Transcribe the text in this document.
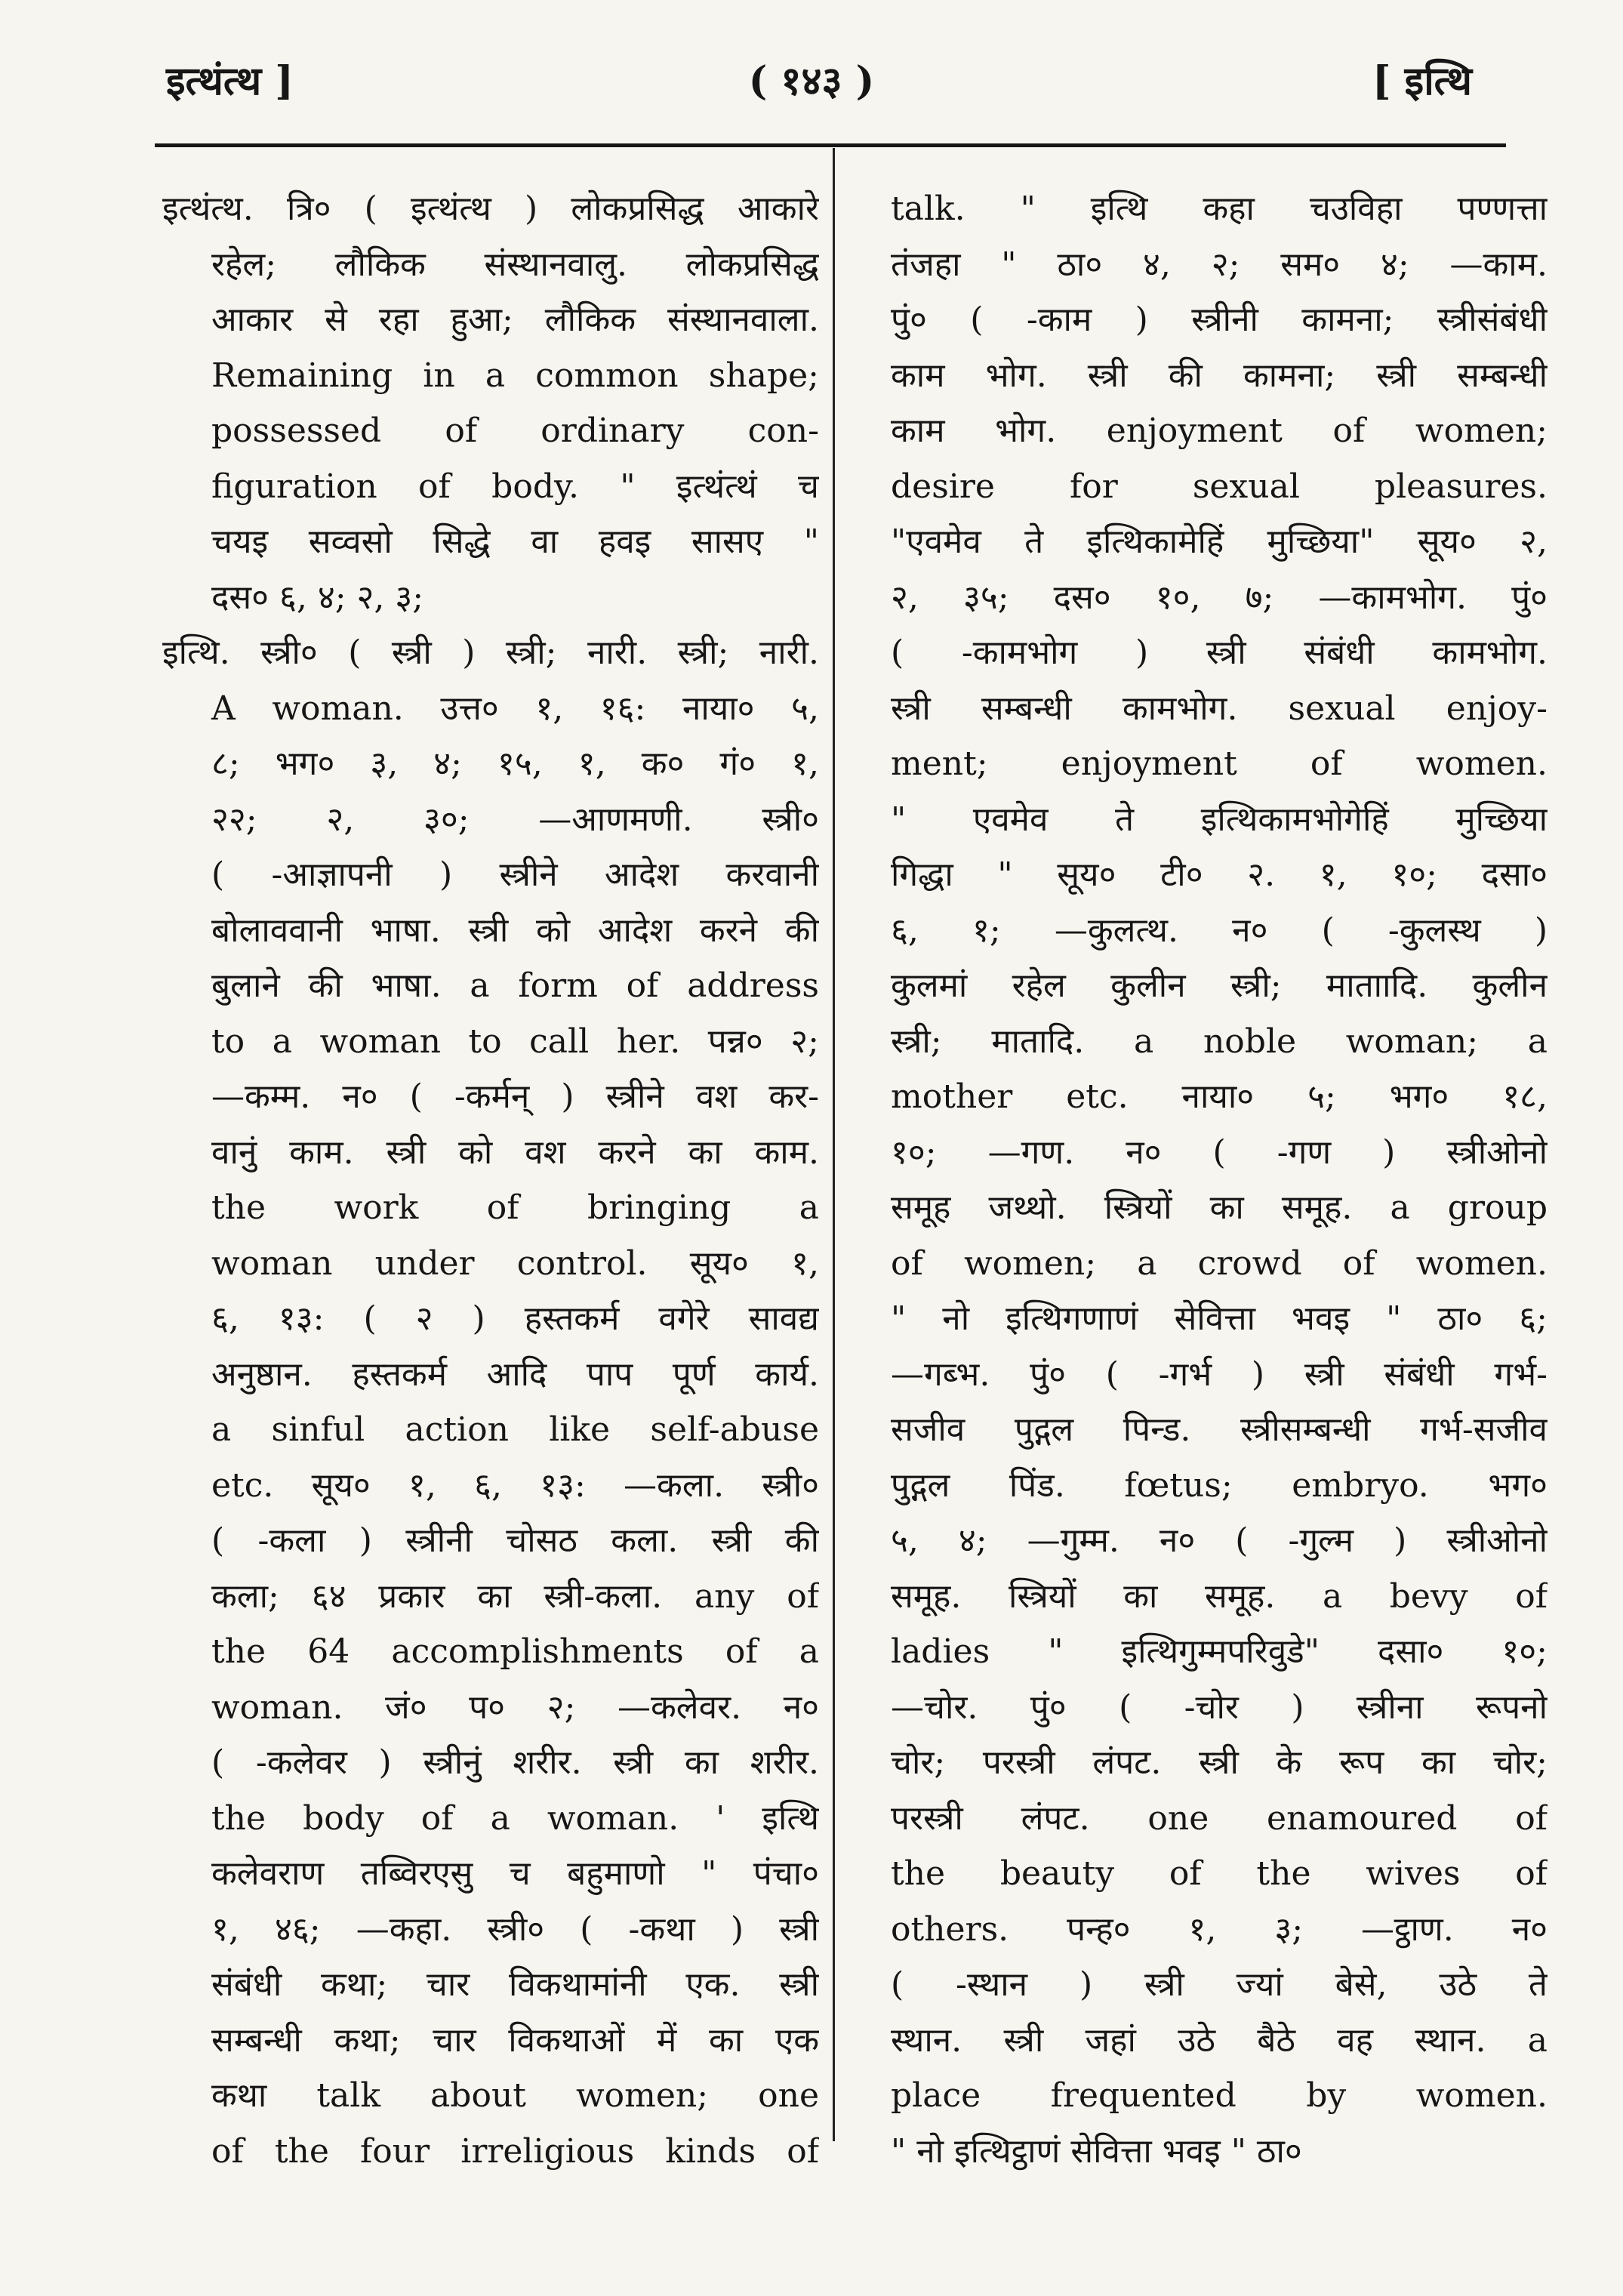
इत्थंत्थ ]	( १४३ )	[ इत्थि
इत्थंत्थ. त्रि० ( इत्थंत्थ ) लोकप्रसिद्ध आकारे
रहेल; लौकिक संस्थानवालु. लोकप्रसिद्ध
आकार से रहा हुआ; लौकिक संस्थानवाला.
Remaining in a common shape;
possessed of ordinary con-
figuration of body. " इत्थंत्थं च
चयइ सव्वसो सिद्धे वा हवइ सासए "
दस० ६, ४; २, ३;
इत्थि. स्त्री० ( स्त्री ) स्त्री; नारी. स्त्री; नारी.
A woman. उत्त० १, १६: नाया० ५,
८; भग० ३, ४; १५, १, क० गं० १,
२२; २, ३०; —आणमणी. स्त्री०
( -आज्ञापनी ) स्त्रीने आदेश करवानी
बोलाववानी भाषा. स्त्री को आदेश करने की
बुलाने की भाषा. a form of address
to a woman to call her. पन्न० २;
—कम्म. न० ( -कर्मन् ) स्त्रीने वश कर-
वानुं काम. स्त्री को वश करने का काम.
the work of bringing a
woman under control. सूय० १,
६, १३: ( २ ) हस्तकर्म वगेरे सावद्य
अनुष्ठान. हस्तकर्म आदि पाप पूर्ण कार्य.
a sinful action like self-abuse
etc. सूय० १, ६, १३: —कला. स्त्री०
( -कला ) स्त्रीनी चोसठ कला. स्त्री की
कला; ६४ प्रकार का स्त्री-कला. any of
the 64 accomplishments of a
woman. जं० प० २; —कलेवर. न०
( -कलेवर ) स्त्रीनुं शरीर. स्त्री का शरीर.
the body of a woman. ' इत्थि
कलेवराण तब्विरएसु च बहुमाणो " पंचा०
१, ४६; —कहा. स्त्री० ( -कथा ) स्त्री
संबंधी कथा; चार विकथामांनी एक. स्त्री
सम्बन्धी कथा; चार विकथाओं में का एक
कथा talk about women; one
of the four irreligious kinds of
talk. " इत्थि कहा चउविहा पण्णत्ता
तंजहा " ठा० ४, २; सम० ४; —काम.
पुं० ( -काम ) स्त्रीनी कामना; स्त्रीसंबंधी
काम भोग. स्त्री की कामना; स्त्री सम्बन्धी
काम भोग. enjoyment of women;
desire for sexual pleasures.
"एवमेव ते इत्थिकामेहिं मुच्छिया" सूय० २,
२, ३५; दस० १०, ७; —कामभोग. पुं०
( -कामभोग ) स्त्री संबंधी कामभोग.
स्त्री सम्बन्धी कामभोग. sexual enjoy-
ment; enjoyment of women.
" एवमेव ते इत्थिकामभोगेहिं मुच्छिया
गिद्धा " सूय० टी० २. १, १०; दसा०
६, १; —कुलत्थ. न० ( -कुलस्थ )
कुलमां रहेल कुलीन स्त्री; माताादि. कुलीन
स्त्री; मातादि. a noble woman; a
mother etc. नाया० ५; भग० १८,
१०; —गण. न० ( -गण ) स्त्रीओनो
समूह जथ्थो. स्त्रियों का समूह. a group
of women; a crowd of women.
" नो इत्थिगणाणं सेवित्ता भवइ " ठा० ६;
—गब्भ. पुं० ( -गर्भ ) स्त्री संबंधी गर्भ-
सजीव पुद्गल पिन्ड. स्त्रीसम्बन्धी गर्भ-सजीव
पुद्गल पिंड. fœtus; embryo. भग०
५, ४; —गुम्म. न० ( -गुल्म ) स्त्रीओनो
समूह. स्त्रियों का समूह. a bevy of
ladies " इत्थिगुम्मपरिवुडे" दसा० १०;
—चोर. पुं० ( -चोर ) स्त्रीना रूपनो
चोर; परस्त्री लंपट. स्त्री के रूप का चोर;
परस्त्री लंपट. one enamoured of
the beauty of the wives of
others. पन्ह० १, ३; —ट्ठाण. न०
( -स्थान ) स्त्री ज्यां बेसे, उठे ते
स्थान. स्त्री जहां उठे बैठे वह स्थान. a
place frequented by women.
" नो इत्थिट्ठाणं सेवित्ता भवइ " ठा०
